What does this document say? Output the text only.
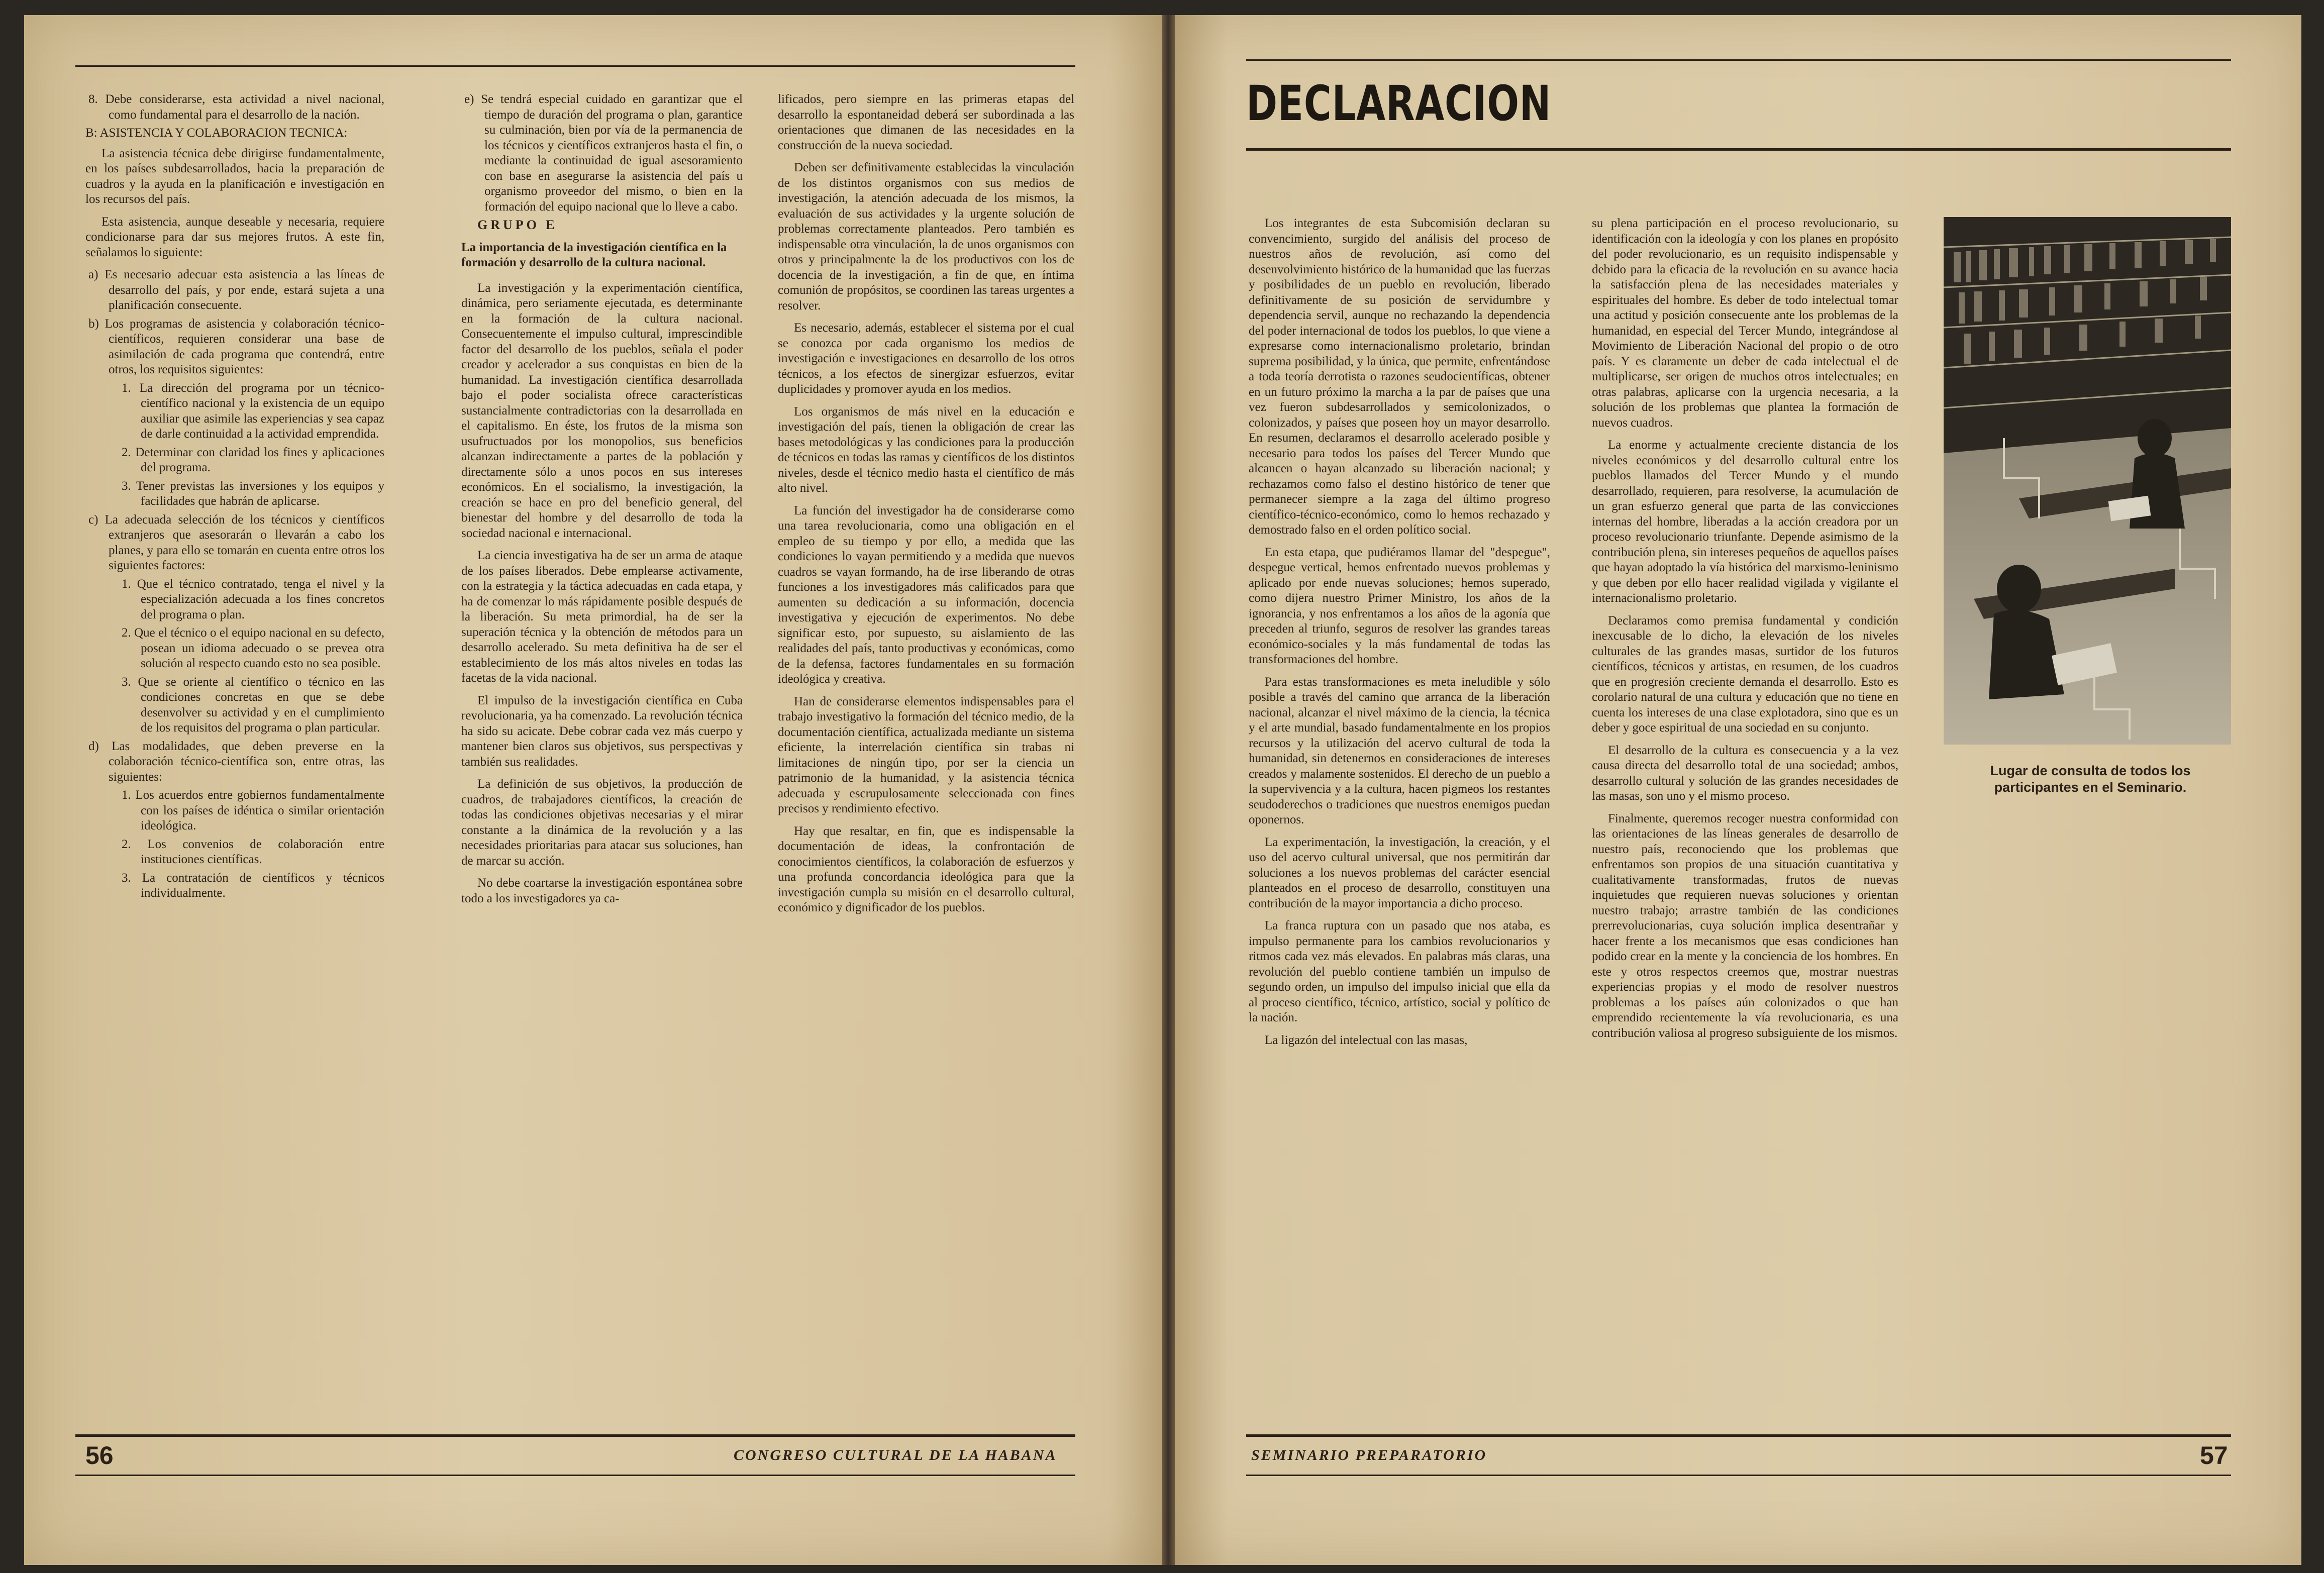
8. Debe considerarse, esta actividad a nivel nacional, como fundamental para el desarrollo de la nación.

B: ASISTENCIA Y COLABORACION TECNICA:

La asistencia técnica debe dirigirse fundamentalmente, en los países subdesarrollados, hacia la preparación de cuadros y la ayuda en la planificación e investigación en los recursos del país.

Esta asistencia, aunque deseable y necesaria, requiere condicionarse para dar sus mejores frutos. A este fin, señalamos lo siguiente:

a) Es necesario adecuar esta asistencia a las líneas de desarrollo del país, y por ende, estará sujeta a una planificación consecuente.

b) Los programas de asistencia y colaboración técnico-científicos, requieren considerar una base de asimilación de cada programa que contendrá, entre otros, los requisitos siguientes:

1. La dirección del programa por un técnico-científico nacional y la existencia de un equipo auxiliar que asimile las experiencias y sea capaz de darle continuidad a la actividad emprendida.

2. Determinar con claridad los fines y aplicaciones del programa.

3. Tener previstas las inversiones y los equipos y facilidades que habrán de aplicarse.

c) La adecuada selección de los técnicos y científicos extranjeros que asesorarán o llevarán a cabo los planes, y para ello se tomarán en cuenta entre otros los siguientes factores:

1. Que el técnico contratado, tenga el nivel y la especialización adecuada a los fines concretos del programa o plan.

2. Que el técnico o el equipo nacional en su defecto, posean un idioma adecuado o se prevea otra solución al respecto cuando esto no sea posible.

3. Que se oriente al científico o técnico en las condiciones concretas en que se debe desenvolver su actividad y en el cumplimiento de los requisitos del programa o plan particular.

d) Las modalidades, que deben preverse en la colaboración técnico-científica son, entre otras, las siguientes:

1. Los acuerdos entre gobiernos fundamentalmente con los países de idéntica o similar orientación ideológica.

2. Los convenios de colaboración entre instituciones científicas.

3. La contratación de científicos y técnicos individualmente.

e) Se tendrá especial cuidado en garantizar que el tiempo de duración del programa o plan, garantice su culminación, bien por vía de la permanencia de los técnicos y científicos extranjeros hasta el fin, o mediante la continuidad de igual asesoramiento con base en asegurarse la asistencia del país u organismo proveedor del mismo, o bien en la formación del equipo nacional que lo lleve a cabo.

GRUPO E

La importancia de la investigación científica en la formación y desarrollo de la cultura nacional.

La investigación y la experimentación científica, dinámica, pero seriamente ejecutada, es determinante en la formación de la cultura nacional. Consecuentemente el impulso cultural, imprescindible factor del desarrollo de los pueblos, señala el poder creador y acelerador a sus conquistas en bien de la humanidad. La investigación científica desarrollada bajo el poder socialista ofrece características sustancialmente contradictorias con la desarrollada en el capitalismo. En éste, los frutos de la misma son usufructuados por los monopolios, sus beneficios alcanzan indirectamente a partes de la población y directamente sólo a unos pocos en sus intereses económicos. En el socialismo, la investigación, la creación se hace en pro del beneficio general, del bienestar del hombre y del desarrollo de toda la sociedad nacional e internacional.

La ciencia investigativa ha de ser un arma de ataque de los países liberados. Debe emplearse activamente, con la estrategia y la táctica adecuadas en cada etapa, y ha de comenzar lo más rápidamente posible después de la liberación. Su meta primordial, ha de ser la superación técnica y la obtención de métodos para un desarrollo acelerado. Su meta definitiva ha de ser el establecimiento de los más altos niveles en todas las facetas de la vida nacional.

El impulso de la investigación científica en Cuba revolucionaria, ya ha comenzado. La revolución técnica ha sido su acicate. Debe cobrar cada vez más cuerpo y mantener bien claros sus objetivos, sus perspectivas y también sus realidades.

La definición de sus objetivos, la producción de cuadros, de trabajadores científicos, la creación de todas las condiciones objetivas necesarias y el mirar constante a la dinámica de la revolución y a las necesidades prioritarias para atacar sus soluciones, han de marcar su acción.

No debe coartarse la investigación espontánea sobre todo a los investigadores ya ca-

lificados, pero siempre en las primeras etapas del desarrollo la espontaneidad deberá ser subordinada a las orientaciones que dimanen de las necesidades en la construcción de la nueva sociedad.

Deben ser definitivamente establecidas la vinculación de los distintos organismos con sus medios de investigación, la atención adecuada de los mismos, la evaluación de sus actividades y la urgente solución de problemas correctamente planteados. Pero también es indispensable otra vinculación, la de unos organismos con otros y principalmente la de los productivos con los de docencia de la investigación, a fin de que, en íntima comunión de propósitos, se coordinen las tareas urgentes a resolver.

Es necesario, además, establecer el sistema por el cual se conozca por cada organismo los medios de investigación e investigaciones en desarrollo de los otros técnicos, a los efectos de sinergizar esfuerzos, evitar duplicidades y promover ayuda en los medios.

Los organismos de más nivel en la educación e investigación del país, tienen la obligación de crear las bases metodológicas y las condiciones para la producción de técnicos en todas las ramas y científicos de los distintos niveles, desde el técnico medio hasta el científico de más alto nivel.

La función del investigador ha de considerarse como una tarea revolucionaria, como una obligación en el empleo de su tiempo y por ello, a medida que las condiciones lo vayan permitiendo y a medida que nuevos cuadros se vayan formando, ha de irse liberando de otras funciones a los investigadores más calificados para que aumenten su dedicación a su información, docencia investigativa y ejecución de experimentos. No debe significar esto, por supuesto, su aislamiento de las realidades del país, tanto productivas y económicas, como de la defensa, factores fundamentales en su formación ideológica y creativa.

Han de considerarse elementos indispensables para el trabajo investigativo la formación del técnico medio, de la documentación científica, actualizada mediante un sistema eficiente, la interrelación científica sin trabas ni limitaciones de ningún tipo, por ser la ciencia un patrimonio de la humanidad, y la asistencia técnica adecuada y escrupulosamente seleccionada con fines precisos y rendimiento efectivo.

Hay que resaltar, en fin, que es indispensable la documentación de ideas, la confrontación de conocimientos científicos, la colaboración de esfuerzos y una profunda concordancia ideológica para que la investigación cumpla su misión en el desarrollo cultural, económico y dignificador de los pueblos.

56	CONGRESO CULTURAL DE LA HABANA
DECLARACION

Los integrantes de esta Subcomisión declaran su convencimiento, surgido del análisis del proceso de nuestros años de revolución, así como del desenvolvimiento histórico de la humanidad que las fuerzas y posibilidades de un pueblo en revolución, liberado definitivamente de su posición de servidumbre y dependencia servil, aunque no rechazando la dependencia del poder internacional de todos los pueblos, lo que viene a expresarse como internacionalismo proletario, brindan suprema posibilidad, y la única, que permite, enfrentándose a toda teoría derrotista o razones seudocientíficas, obtener en un futuro próximo la marcha a la par de países que una vez fueron subdesarrollados y semicolonizados, o colonizados, y países que poseen hoy un mayor desarrollo. En resumen, declaramos el desarrollo acelerado posible y necesario para todos los países del Tercer Mundo que alcancen o hayan alcanzado su liberación nacional; y rechazamos como falso el destino histórico de tener que permanecer siempre a la zaga del último progreso científico-técnico-económico, como lo hemos rechazado y demostrado falso en el orden político social.

En esta etapa, que pudiéramos llamar del "despegue", despegue vertical, hemos enfrentado nuevos problemas y aplicado por ende nuevas soluciones; hemos superado, como dijera nuestro Primer Ministro, los años de la ignorancia, y nos enfrentamos a los años de la agonía que preceden al triunfo, seguros de resolver las grandes tareas económico-sociales y la más fundamental de todas las transformaciones del hombre.

Para estas transformaciones es meta ineludible y sólo posible a través del camino que arranca de la liberación nacional, alcanzar el nivel máximo de la ciencia, la técnica y el arte mundial, basado fundamentalmente en los propios recursos y la utilización del acervo cultural de toda la humanidad, sin detenernos en consideraciones de intereses creados y malamente sostenidos. El derecho de un pueblo a la supervivencia y a la cultura, hacen pigmeos los restantes seudoderechos o tradiciones que nuestros enemigos puedan oponernos.

La experimentación, la investigación, la creación, y el uso del acervo cultural universal, que nos permitirán dar soluciones a los nuevos problemas del carácter esencial planteados en el proceso de desarrollo, constituyen una contribución de la mayor importancia a dicho proceso.

La franca ruptura con un pasado que nos ataba, es impulso permanente para los cambios revolucionarios y ritmos cada vez más elevados. En palabras más claras, una revolución del pueblo contiene también un impulso de segundo orden, un impulso del impulso inicial que ella da al proceso científico, técnico, artístico, social y político de la nación.

La ligazón del intelectual con las masas,

su plena participación en el proceso revolucionario, su identificación con la ideología y con los planes en propósito del poder revolucionario, es un requisito indispensable y debido para la eficacia de la revolución en su avance hacia la satisfacción plena de las necesidades materiales y espirituales del hombre. Es deber de todo intelectual tomar una actitud y posición consecuente ante los problemas de la humanidad, en especial del Tercer Mundo, integrándose al Movimiento de Liberación Nacional del propio o de otro país. Y es claramente un deber de cada intelectual el de multiplicarse, ser origen de muchos otros intelectuales; en otras palabras, aplicarse con la urgencia necesaria, a la solución de los problemas que plantea la formación de nuevos cuadros.

La enorme y actualmente creciente distancia de los niveles económicos y del desarrollo cultural entre los pueblos llamados del Tercer Mundo y el mundo desarrollado, requieren, para resolverse, la acumulación de un gran esfuerzo general que parta de las convicciones internas del hombre, liberadas a la acción creadora por un proceso revolucionario triunfante. Depende asimismo de la contribución plena, sin intereses pequeños de aquellos países que hayan adoptado la vía histórica del marxismo-leninismo y que deben por ello hacer realidad vigilada y vigilante el internacionalismo proletario.

Declaramos como premisa fundamental y condición inexcusable de lo dicho, la elevación de los niveles culturales de las grandes masas, surtidor de los futuros científicos, técnicos y artistas, en resumen, de los cuadros que en progresión creciente demanda el desarrollo. Esto es corolario natural de una cultura y educación que no tiene en cuenta los intereses de una clase explotadora, sino que es un deber y goce espiritual de una sociedad en su conjunto.

El desarrollo de la cultura es consecuencia y a la vez causa directa del desarrollo total de una sociedad; ambos, desarrollo cultural y solución de las grandes necesidades de las masas, son uno y el mismo proceso.

Finalmente, queremos recoger nuestra conformidad con las orientaciones de las líneas generales de desarrollo de nuestro país, reconociendo que los problemas que enfrentamos son propios de una situación cuantitativa y cualitativamente transformadas, frutos de nuevas inquietudes que requieren nuevas soluciones y orientan nuestro trabajo; arrastre también de las condiciones prerrevolucionarias, cuya solución implica desentrañar y hacer frente a los mecanismos que esas condiciones han podido crear en la mente y la conciencia de los hombres. En este y otros respectos creemos que, mostrar nuestras experiencias propias y el modo de resolver nuestros problemas a los países aún colonizados o que han emprendido recientemente la vía revolucionaria, es una contribución valiosa al progreso subsiguiente de los mismos.

Lugar de consulta de todos los participantes en el Seminario.
SEMINARIO PREPARATORIO	57
